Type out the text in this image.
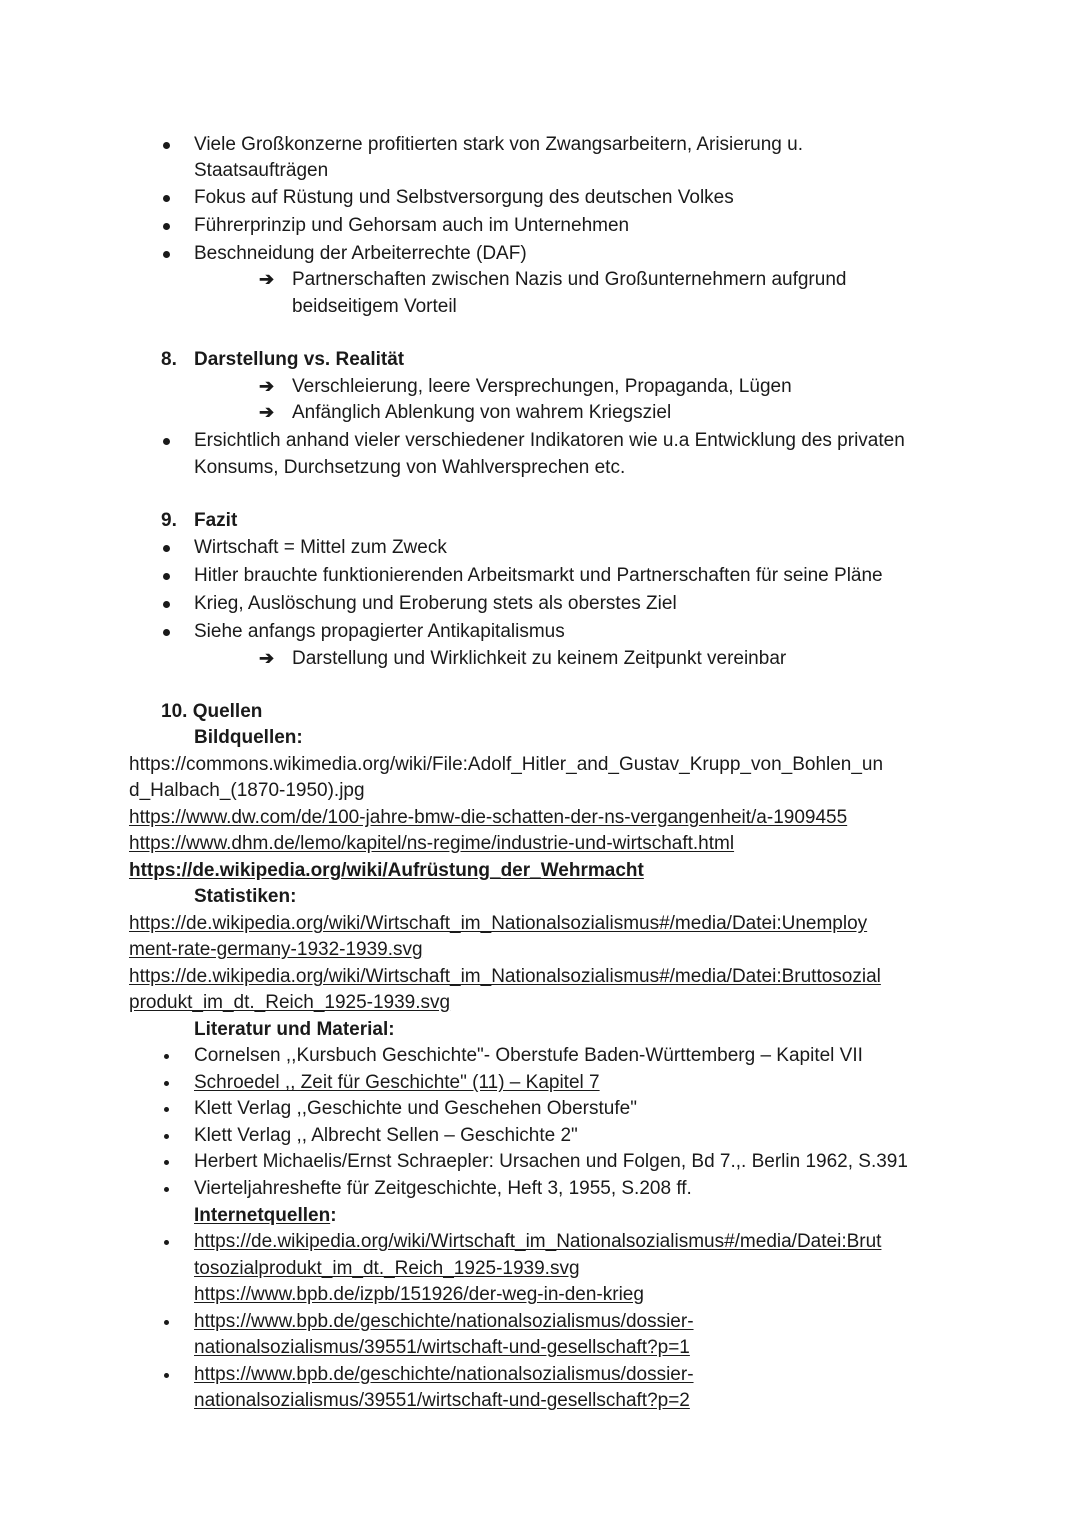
Viele Großkonzerne profitierten stark von Zwangsarbeitern, Arisierung u.
Staatsaufträgen
Fokus auf Rüstung und Selbstversorgung des deutschen Volkes
Führerprinzip und Gehorsam auch im Unternehmen
Beschneidung der Arbeiterrechte (DAF)
➔ Partnerschaften zwischen Nazis und Großunternehmern aufgrund
beidseitigem Vorteil
8. Darstellung vs. Realität
➔ Verschleierung, leere Versprechungen, Propaganda, Lügen
➔ Anfänglich Ablenkung von wahrem Kriegsziel
Ersichtlich anhand vieler verschiedener Indikatoren wie u.a Entwicklung des privaten
Konsums, Durchsetzung von Wahlversprechen etc.
9. Fazit
Wirtschaft = Mittel zum Zweck
Hitler brauchte funktionierenden Arbeitsmarkt und Partnerschaften für seine Pläne
Krieg, Auslöschung und Eroberung stets als oberstes Ziel
Siehe anfangs propagierter Antikapitalismus
➔ Darstellung und Wirklichkeit zu keinem Zeitpunkt vereinbar
10. Quellen
Bildquellen:
https://commons.wikimedia.org/wiki/File:Adolf_Hitler_and_Gustav_Krupp_von_Bohlen_un
d_Halbach_(1870-1950).jpg
https://www.dw.com/de/100-jahre-bmw-die-schatten-der-ns-vergangenheit/a-1909455
https://www.dhm.de/lemo/kapitel/ns-regime/industrie-und-wirtschaft.html
https://de.wikipedia.org/wiki/Aufrüstung_der_Wehrmacht
Statistiken:
https://de.wikipedia.org/wiki/Wirtschaft_im_Nationalsozialismus#/media/Datei:Unemploy
ment-rate-germany-1932-1939.svg
https://de.wikipedia.org/wiki/Wirtschaft_im_Nationalsozialismus#/media/Datei:Bruttosozial
produkt_im_dt._Reich_1925-1939.svg
Literatur und Material:
Cornelsen ,,Kursbuch Geschichte"- Oberstufe Baden-Württemberg – Kapitel VII
Schroedel ,, Zeit für Geschichte" (11) – Kapitel 7
Klett Verlag ,,Geschichte und Geschehen Oberstufe"
Klett Verlag ,, Albrecht Sellen – Geschichte 2"
Herbert Michaelis/Ernst Schraepler: Ursachen und Folgen, Bd 7.,. Berlin 1962, S.391
Vierteljahreshefte für Zeitgeschichte, Heft 3, 1955, S.208 ff.
Internetquellen:
https://de.wikipedia.org/wiki/Wirtschaft_im_Nationalsozialismus#/media/Datei:Brut
tosozialprodukt_im_dt._Reich_1925-1939.svg
https://www.bpb.de/izpb/151926/der-weg-in-den-krieg
https://www.bpb.de/geschichte/nationalsozialismus/dossier-
nationalsozialismus/39551/wirtschaft-und-gesellschaft?p=1
https://www.bpb.de/geschichte/nationalsozialismus/dossier-
nationalsozialismus/39551/wirtschaft-und-gesellschaft?p=2
